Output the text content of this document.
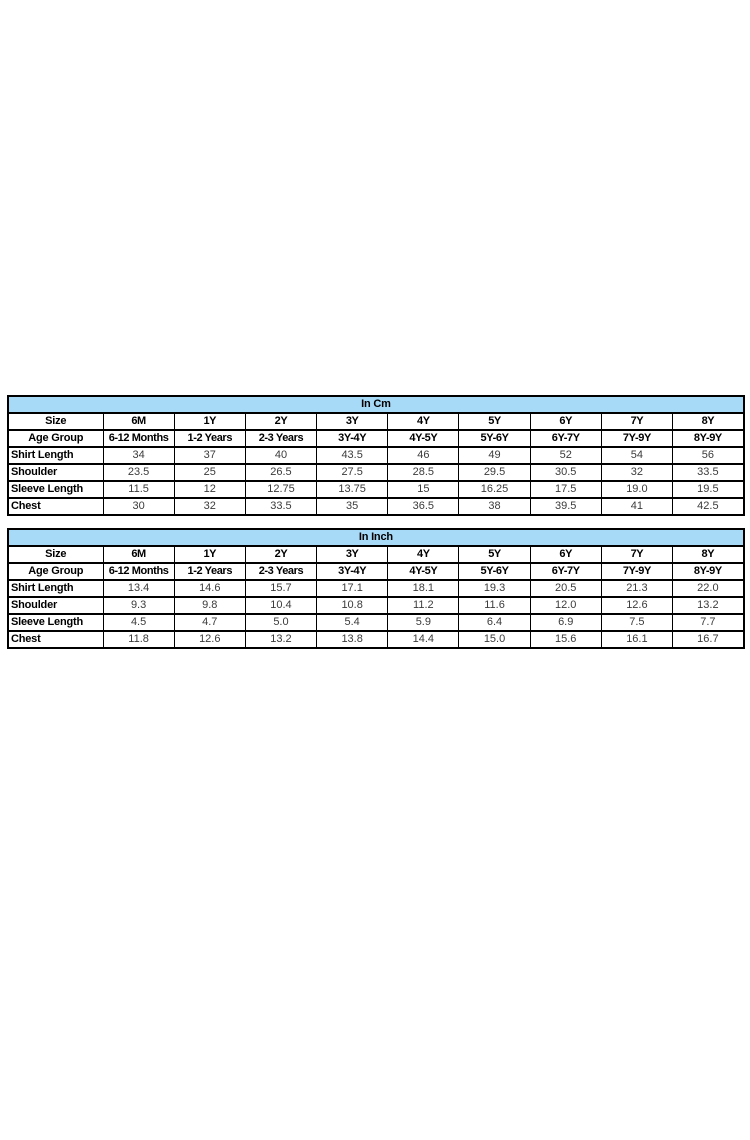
In Cm									
Size	6M	1Y	2Y	3Y	4Y	5Y	6Y	7Y	8Y
Age Group	6-12 Months	1-2 Years	2-3 Years	3Y-4Y	4Y-5Y	5Y-6Y	6Y-7Y	7Y-9Y	8Y-9Y
Shirt Length	34	37	40	43.5	46	49	52	54	56
Shoulder	23.5	25	26.5	27.5	28.5	29.5	30.5	32	33.5
Sleeve Length	11.5	12	12.75	13.75	15	16.25	17.5	19.0	19.5
Chest	30	32	33.5	35	36.5	38	39.5	41	42.5
In Inch									
Size	6M	1Y	2Y	3Y	4Y	5Y	6Y	7Y	8Y
Age Group	6-12 Months	1-2 Years	2-3 Years	3Y-4Y	4Y-5Y	5Y-6Y	6Y-7Y	7Y-9Y	8Y-9Y
Shirt Length	13.4	14.6	15.7	17.1	18.1	19.3	20.5	21.3	22.0
Shoulder	9.3	9.8	10.4	10.8	11.2	11.6	12.0	12.6	13.2
Sleeve Length	4.5	4.7	5.0	5.4	5.9	6.4	6.9	7.5	7.7
Chest	11.8	12.6	13.2	13.8	14.4	15.0	15.6	16.1	16.7
